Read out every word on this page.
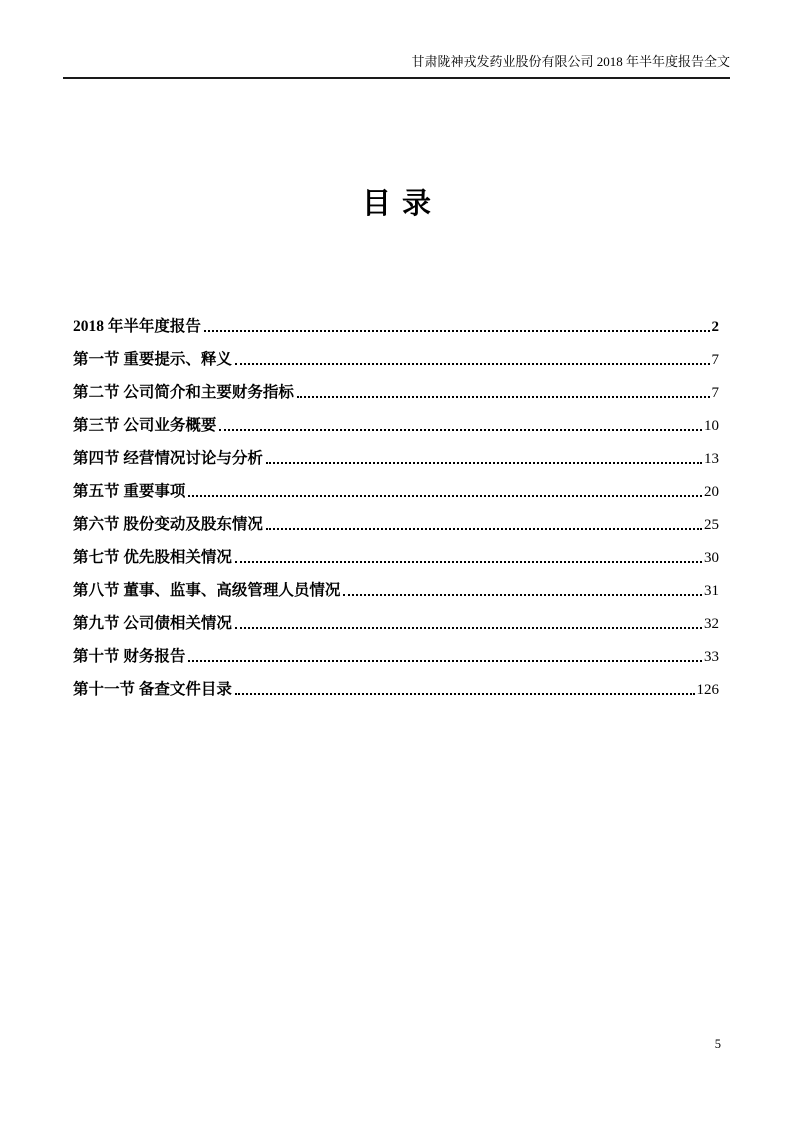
甘肃陇神戎发药业股份有限公司 2018 年半年度报告全文
目录
2018 年半年度报告	2
第一节 重要提示、释义	7
第二节 公司简介和主要财务指标	7
第三节 公司业务概要	10
第四节 经营情况讨论与分析	13
第五节 重要事项	20
第六节 股份变动及股东情况	25
第七节 优先股相关情况	30
第八节 董事、监事、高级管理人员情况	31
第九节 公司债相关情况	32
第十节 财务报告	33
第十一节 备查文件目录	126
5
